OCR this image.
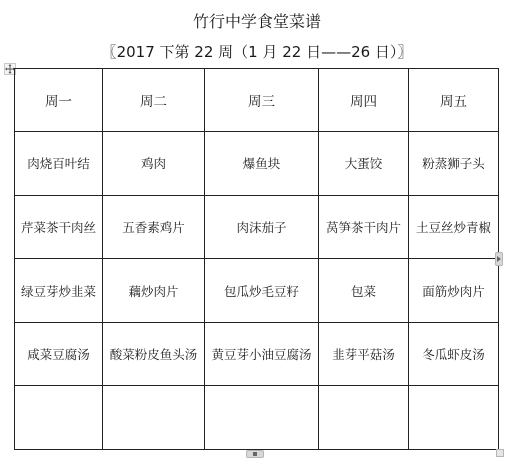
竹行中学食堂菜谱
〖2017 下第 22 周（1 月 22 日——26 日）〗
周一	周二	周三	周四	周五
肉烧百叶结	鸡肉	爆鱼块	大蛋饺	粉蒸狮子头
芹菜茶干肉丝	五香素鸡片	肉沫茄子	莴笋茶干肉片	土豆丝炒青椒
绿豆芽炒韭菜	藕炒肉片	包瓜炒毛豆籽	包菜	面筋炒肉片
咸菜豆腐汤	酸菜粉皮鱼头汤	黄豆芽小油豆腐汤	韭芽平菇汤	冬瓜虾皮汤
